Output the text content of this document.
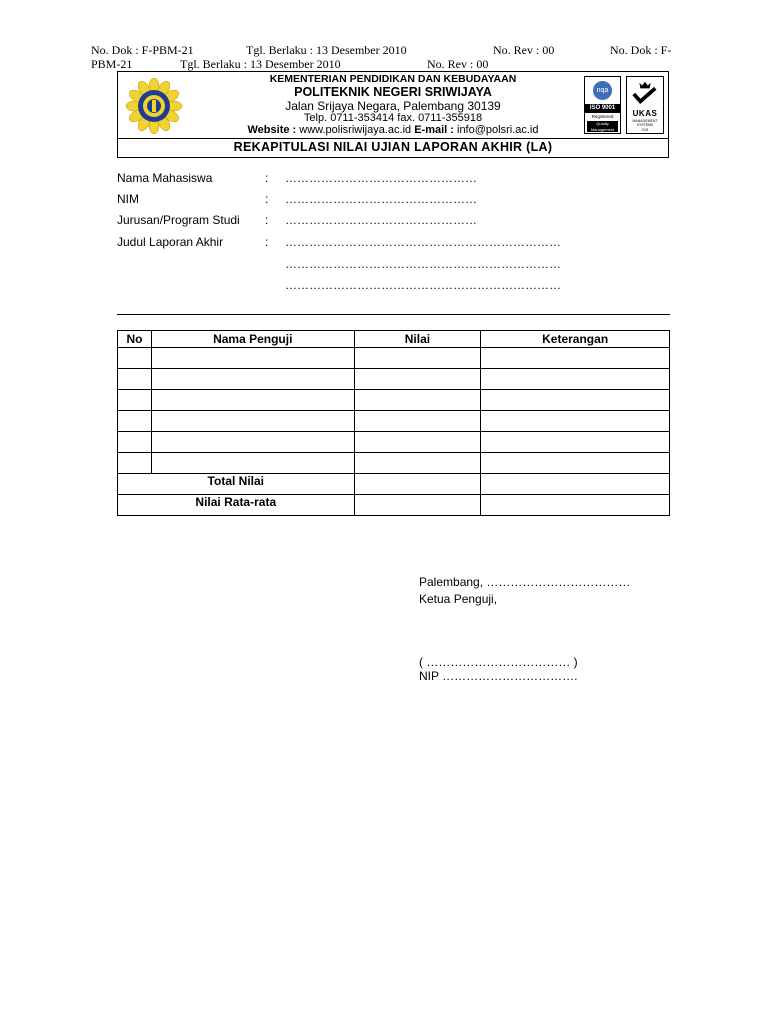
No. Dok : F-PBM-21	Tgl. Berlaku : 13 Desember 2010	No. Rev : 00	No. Dok : F-
PBM-21	Tgl. Berlaku : 13 Desember 2010	No. Rev : 00
KEMENTERIAN PENDIDIKAN DAN KEBUDAYAAN
POLITEKNIK NEGERI SRIWIJAYA
Jalan Srijaya Negara, Palembang 30139
Telp. 0711-353414 fax. 0711-355918
Website : www.polisriwijaya.ac.id E-mail : info@polsri.ac.id
nqa
ISO 9001
Registered
Quality Management
UKAS
MANAGEMENT SYSTEMS
015
REKAPITULASI NILAI UJIAN LAPORAN AKHIR (LA)
Nama Mahasiswa	: …………………………………………
NIM	: …………………………………………
Jurusan/Program Studi : …………………………………………
Judul Laporan Akhir	: ……………………………………………………………
……………………………………………………………
……………………………………………………………
No	Nama Penguji	Nilai	Keterangan

Total Nilai			
Nilai Rata-rata			
Palembang, ………………………………
Ketua Penguji,
( ……………………………… )
NIP …………………………….
